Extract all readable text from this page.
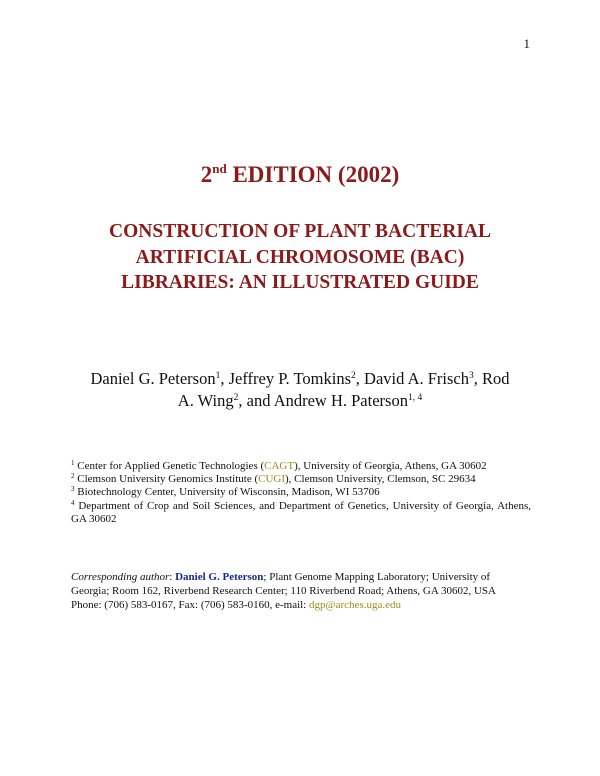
1
2nd EDITION (2002)
CONSTRUCTION OF PLANT BACTERIAL
ARTIFICIAL CHROMOSOME (BAC)
LIBRARIES: AN ILLUSTRATED GUIDE
Daniel G. Peterson$^1$, Jeffrey P. Tomkins$^2$, David A. Frisch$^3$, Rod
A. Wing$^2$, and Andrew H. Paterson$^{1, 4}$
$^1$ Center for Applied Genetic Technologies (CAGT), University of Georgia, Athens, GA 30602
$^2$ Clemson University Genomics Institute (CUGI), Clemson University, Clemson, SC 29634
$^3$ Biotechnology Center, University of Wisconsin, Madison, WI 53706
$^4$ Department of Crop and Soil Sciences, and Department of Genetics, University of Georgia, Athens, GA 30602
Corresponding author: Daniel G. Peterson; Plant Genome Mapping Laboratory; University of
Georgia; Room 162, Riverbend Research Center; 110 Riverbend Road; Athens, GA 30602, USA
Phone: (706) 583-0167, Fax: (706) 583-0160, e-mail: dgp@arches.uga.edu
